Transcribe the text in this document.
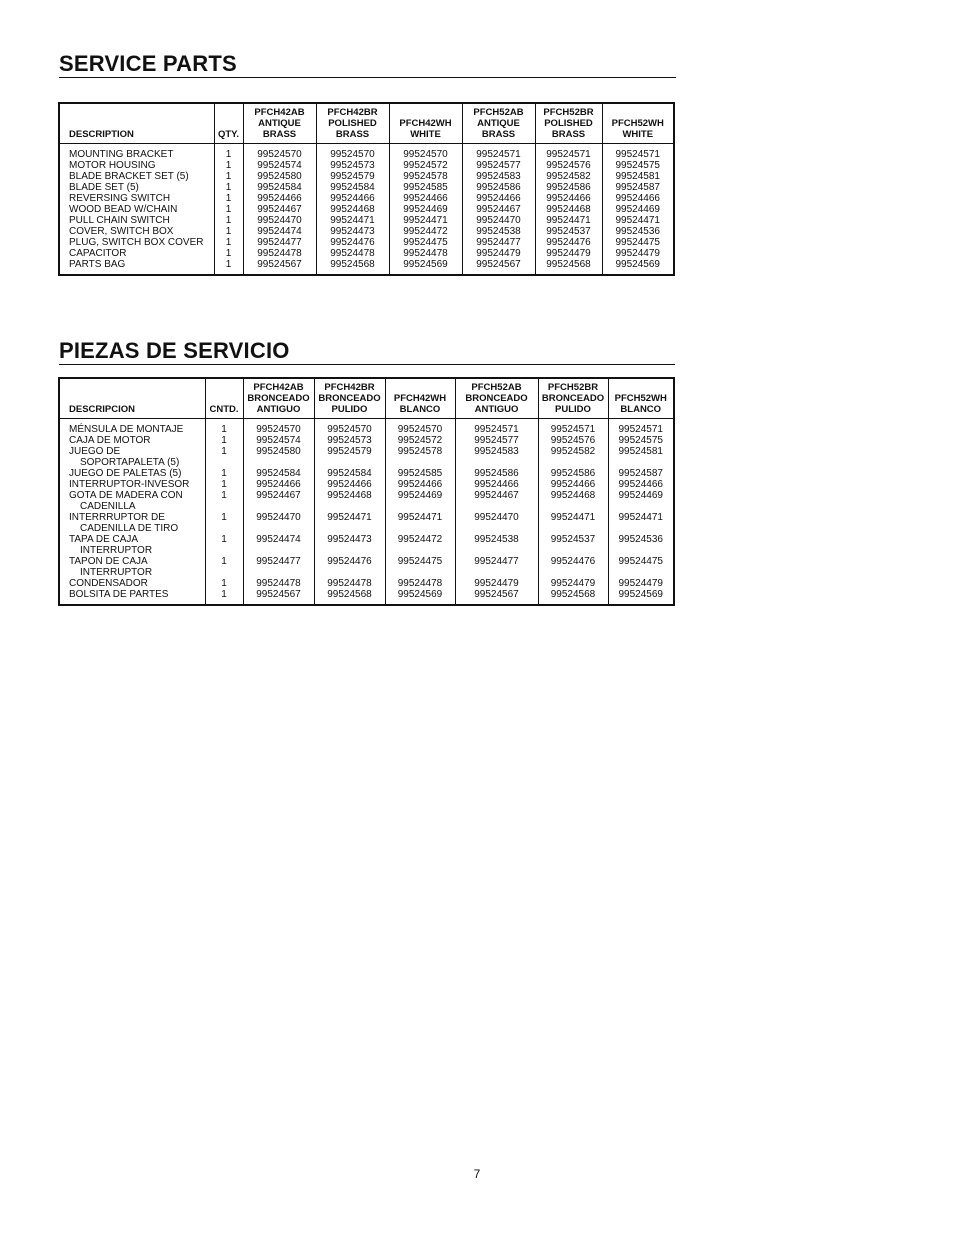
SERVICE PARTS
DESCRIPTION	QTY.	PFCH42AB
ANTIQUE
BRASS	PFCH42BR
POLISHED
BRASS	PFCH42WH
WHITE	PFCH52AB
ANTIQUE
BRASS	PFCH52BR
POLISHED
BRASS	PFCH52WH
WHITE

MOUNTING BRACKET	1	99524570	99524570	99524570	99524571	99524571	99524571

MOTOR HOUSING	1	99524574	99524573	99524572	99524577	99524576	99524575

BLADE BRACKET SET (5)	1	99524580	99524579	99524578	99524583	99524582	99524581

BLADE SET (5)	1	99524584	99524584	99524585	99524586	99524586	99524587

REVERSING SWITCH	1	99524466	99524466	99524466	99524466	99524466	99524466

WOOD BEAD W/CHAIN	1	99524467	99524468	99524469	99524467	99524468	99524469

PULL CHAIN SWITCH	1	99524470	99524471	99524471	99524470	99524471	99524471

COVER, SWITCH BOX	1	99524474	99524473	99524472	99524538	99524537	99524536

PLUG, SWITCH BOX COVER	1	99524477	99524476	99524475	99524477	99524476	99524475

CAPACITOR	1	99524478	99524478	99524478	99524479	99524479	99524479

PARTS BAG	1	99524567	99524568	99524569	99524567	99524568	99524569
PIEZAS DE SERVICIO
DESCRIPCION	CNTD.	PFCH42AB
BRONCEADO
ANTIGUO	PFCH42BR
BRONCEADO
PULIDO	PFCH42WH
BLANCO	PFCH52AB
BRONCEADO
ANTIGUO	PFCH52BR
BRONCEADO
PULIDO	PFCH52WH
BLANCO

MÉNSULA DE MONTAJE	1	99524570	99524570	99524570	99524571	99524571	99524571

CAJA DE MOTOR	1	99524574	99524573	99524572	99524577	99524576	99524575

JUEGO DE
SOPORTAPALETA (5)	1	99524580	99524579	99524578	99524583	99524582	99524581

JUEGO DE PALETAS (5)	1	99524584	99524584	99524585	99524586	99524586	99524587

INTERRUPTOR-INVESOR	1	99524466	99524466	99524466	99524466	99524466	99524466

GOTA DE MADERA CON
CADENILLA	1	99524467	99524468	99524469	99524467	99524468	99524469

INTERRRUPTOR DE
CADENILLA DE TIRO	1	99524470	99524471	99524471	99524470	99524471	99524471

TAPA DE CAJA
INTERRUPTOR	1	99524474	99524473	99524472	99524538	99524537	99524536

TAPON DE CAJA
INTERRUPTOR	1	99524477	99524476	99524475	99524477	99524476	99524475

CONDENSADOR	1	99524478	99524478	99524478	99524479	99524479	99524479

BOLSITA DE PARTES	1	99524567	99524568	99524569	99524567	99524568	99524569
7
